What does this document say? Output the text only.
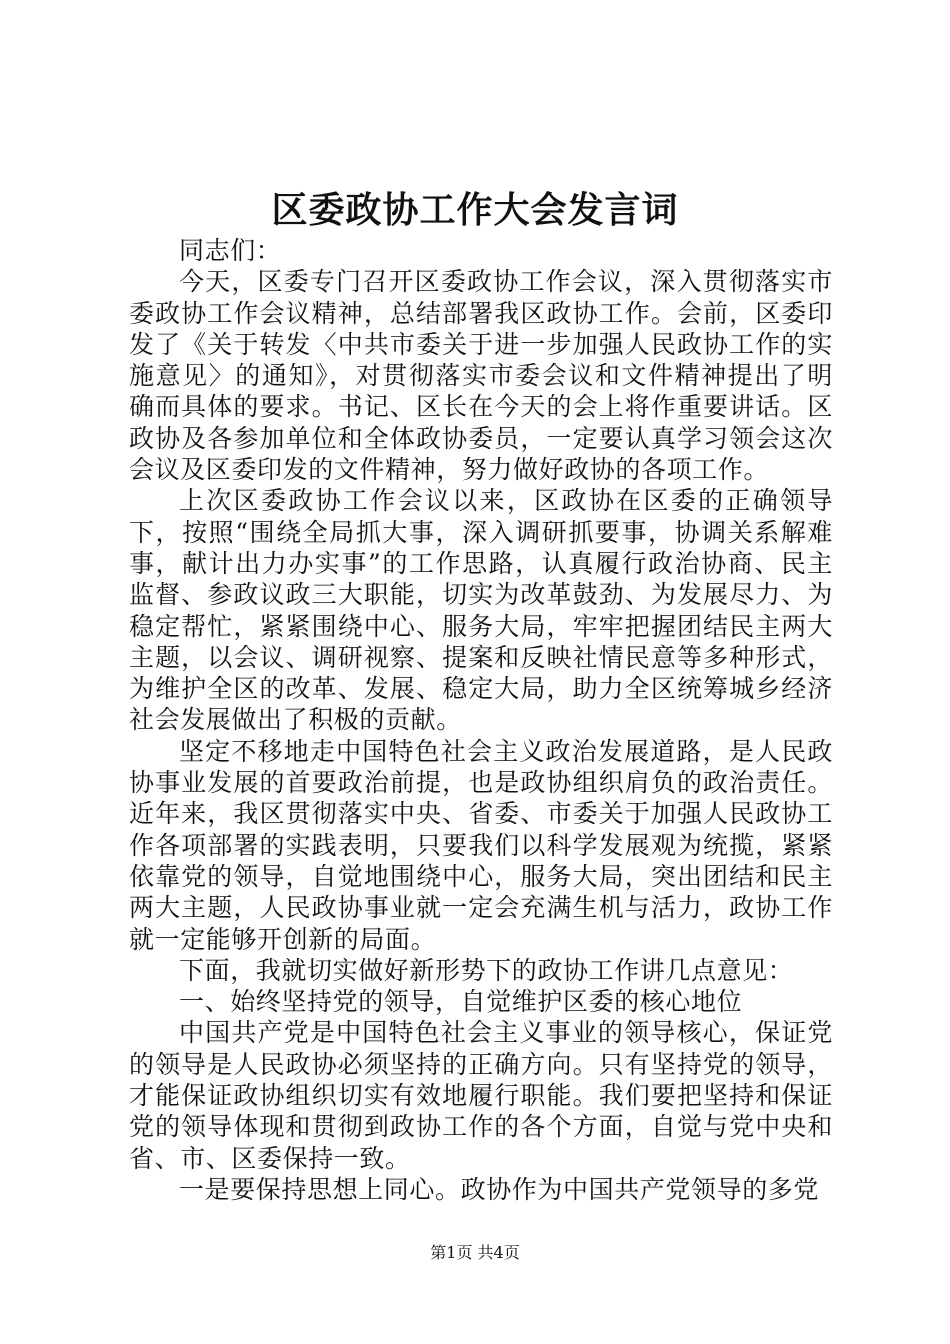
区委政协工作大会发言词

同志们：

今天，区委专门召开区委政协工作会议，深入贯彻落实市委政协工作会议精神，总结部署我区政协工作。会前，区委印发了《关于转发〈中共市委关于进一步加强人民政协工作的实施意见〉的通知》，对贯彻落实市委会议和文件精神提出了明确而具体的要求。书记、区长在今天的会上将作重要讲话。区政协及各参加单位和全体政协委员，一定要认真学习领会这次会议及区委印发的文件精神，努力做好政协的各项工作。

上次区委政协工作会议以来，区政协在区委的正确领导下，按照“围绕全局抓大事，深入调研抓要事，协调关系解难事，献计出力办实事”的工作思路，认真履行政治协商、民主监督、参政议政三大职能，切实为改革鼓劲、为发展尽力、为稳定帮忙，紧紧围绕中心、服务大局，牢牢把握团结民主两大主题，以会议、调研视察、提案和反映社情民意等多种形式，为维护全区的改革、发展、稳定大局，助力全区统筹城乡经济社会发展做出了积极的贡献。

坚定不移地走中国特色社会主义政治发展道路，是人民政协事业发展的首要政治前提，也是政协组织肩负的政治责任。近年来，我区贯彻落实中央、省委、市委关于加强人民政协工作各项部署的实践表明，只要我们以科学发展观为统揽，紧紧依靠党的领导，自觉地围绕中心，服务大局，突出团结和民主两大主题，人民政协事业就一定会充满生机与活力，政协工作就一定能够开创新的局面。

下面，我就切实做好新形势下的政协工作讲几点意见：

一、始终坚持党的领导，自觉维护区委的核心地位

中国共产党是中国特色社会主义事业的领导核心，保证党的领导是人民政协必须坚持的正确方向。只有坚持党的领导，才能保证政协组织切实有效地履行职能。我们要把坚持和保证党的领导体现和贯彻到政协工作的各个方面，自觉与党中央和省、市、区委保持一致。

一是要保持思想上同心。政协作为中国共产党领导的多党

第1页 共4页
